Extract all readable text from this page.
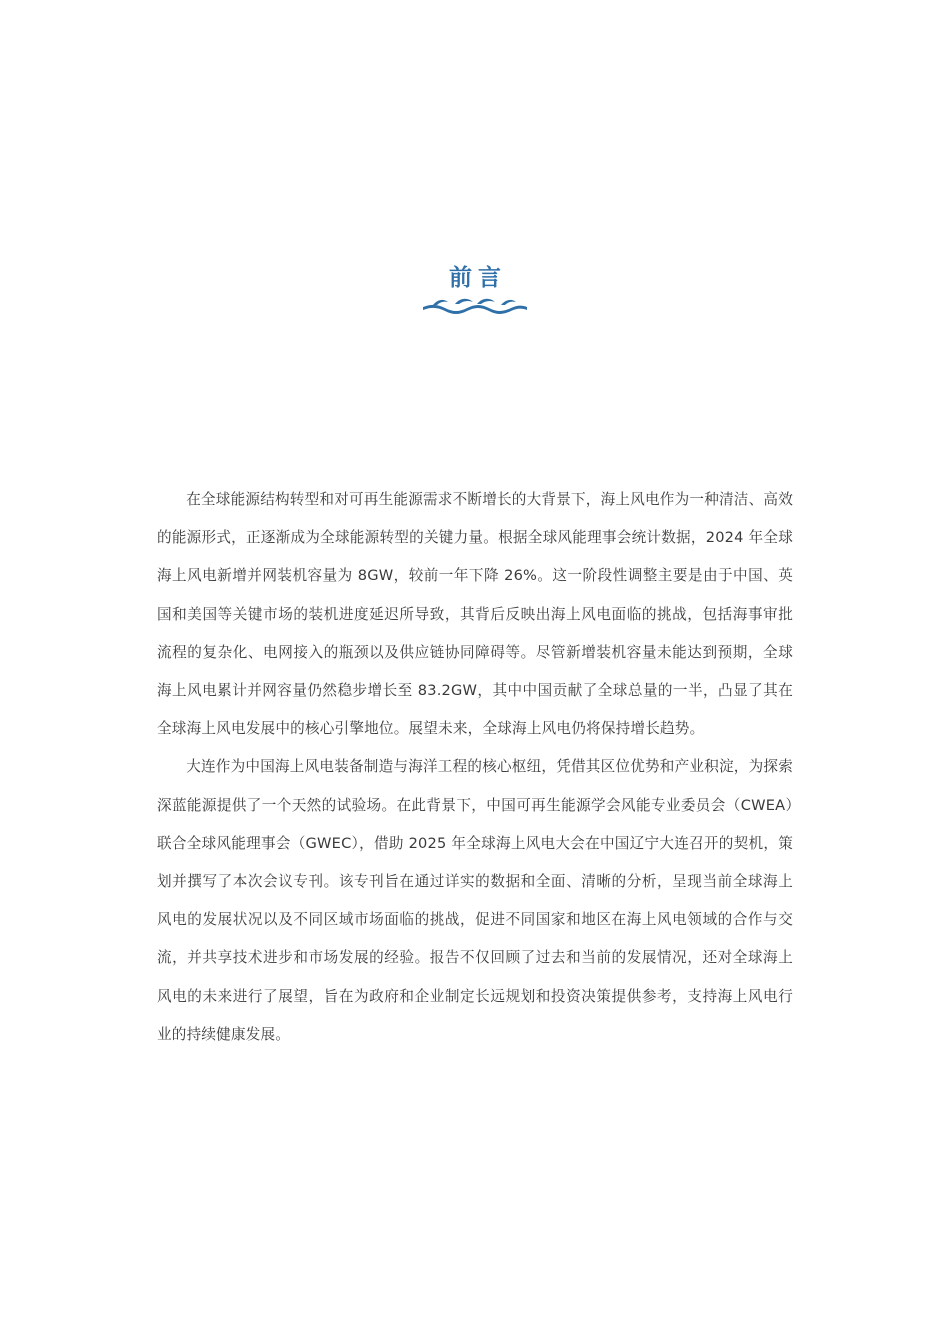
前言

在全球能源结构转型和对可再生能源需求不断增长的大背景下，海上风电作为一种清洁、高效的能源形式，正逐渐成为全球能源转型的关键力量。根据全球风能理事会统计数据，2024 年全球海上风电新增并网装机容量为 8GW，较前一年下降 26%。这一阶段性调整主要是由于中国、英国和美国等关键市场的装机进度延迟所导致，其背后反映出海上风电面临的挑战，包括海事审批流程的复杂化、电网接入的瓶颈以及供应链协同障碍等。尽管新增装机容量未能达到预期，全球海上风电累计并网容量仍然稳步增长至 83.2GW，其中中国贡献了全球总量的一半，凸显了其在全球海上风电发展中的核心引擎地位。展望未来，全球海上风电仍将保持增长趋势。

大连作为中国海上风电装备制造与海洋工程的核心枢纽，凭借其区位优势和产业积淀，为探索深蓝能源提供了一个天然的试验场。在此背景下，中国可再生能源学会风能专业委员会（CWEA）联合全球风能理事会（GWEC），借助 2025 年全球海上风电大会在中国辽宁大连召开的契机，策划并撰写了本次会议专刊。该专刊旨在通过详实的数据和全面、清晰的分析，呈现当前全球海上风电的发展状况以及不同区域市场面临的挑战，促进不同国家和地区在海上风电领域的合作与交流，并共享技术进步和市场发展的经验。报告不仅回顾了过去和当前的发展情况，还对全球海上风电的未来进行了展望，旨在为政府和企业制定长远规划和投资决策提供参考，支持海上风电行业的持续健康发展。
